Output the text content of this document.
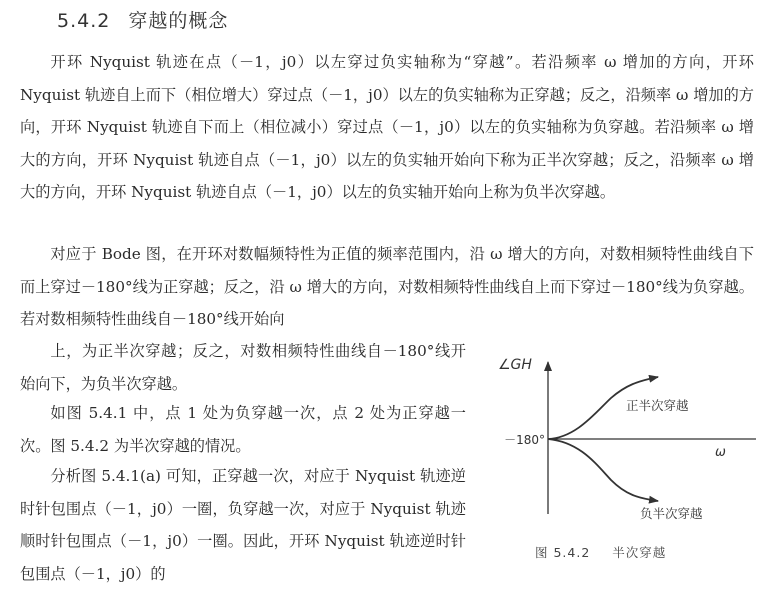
5.4.2 穿越的概念

开环 Nyquist 轨迹在点（－1，j0）以左穿过负实轴称为“穿越”。若沿频率 ω 增加的方向，开环 Nyquist 轨迹自上而下（相位增大）穿过点（－1，j0）以左的负实轴称为正穿越；反之，沿频率 ω 增加的方向，开环 Nyquist 轨迹自下而上（相位减小）穿过点（－1，j0）以左的负实轴称为负穿越。若沿频率 ω 增大的方向，开环 Nyquist 轨迹自点（－1，j0）以左的负实轴开始向下称为正半次穿越；反之，沿频率 ω 增大的方向，开环 Nyquist 轨迹自点（－1，j0）以左的负实轴开始向上称为负半次穿越。

对应于 Bode 图，在开环对数幅频特性为正值的频率范围内，沿 ω 增大的方向，对数相频特性曲线自下而上穿过－180°线为正穿越；反之，沿 ω 增大的方向，对数相频特性曲线自上而下穿过－180°线为负穿越。若对数相频特性曲线自－180°线开始向

上，为正半次穿越；反之，对数相频特性曲线自－180°线开始向下，为负半次穿越。

如图 5.4.1 中，点 1 处为负穿越一次，点 2 处为正穿越一次。图 5.4.2 为半次穿越的情况。

分析图 5.4.1(a) 可知，正穿越一次，对应于 Nyquist 轨迹逆时针包围点（－1，j0）一圈，负穿越一次，对应于 Nyquist 轨迹顺时针包围点（－1，j0）一圈。因此，开环 Nyquist 轨迹逆时针包围点（－1，j0）的

∠GH
－180°
ω
正半次穿越
负半次穿越
图 5.4.2 半次穿越
